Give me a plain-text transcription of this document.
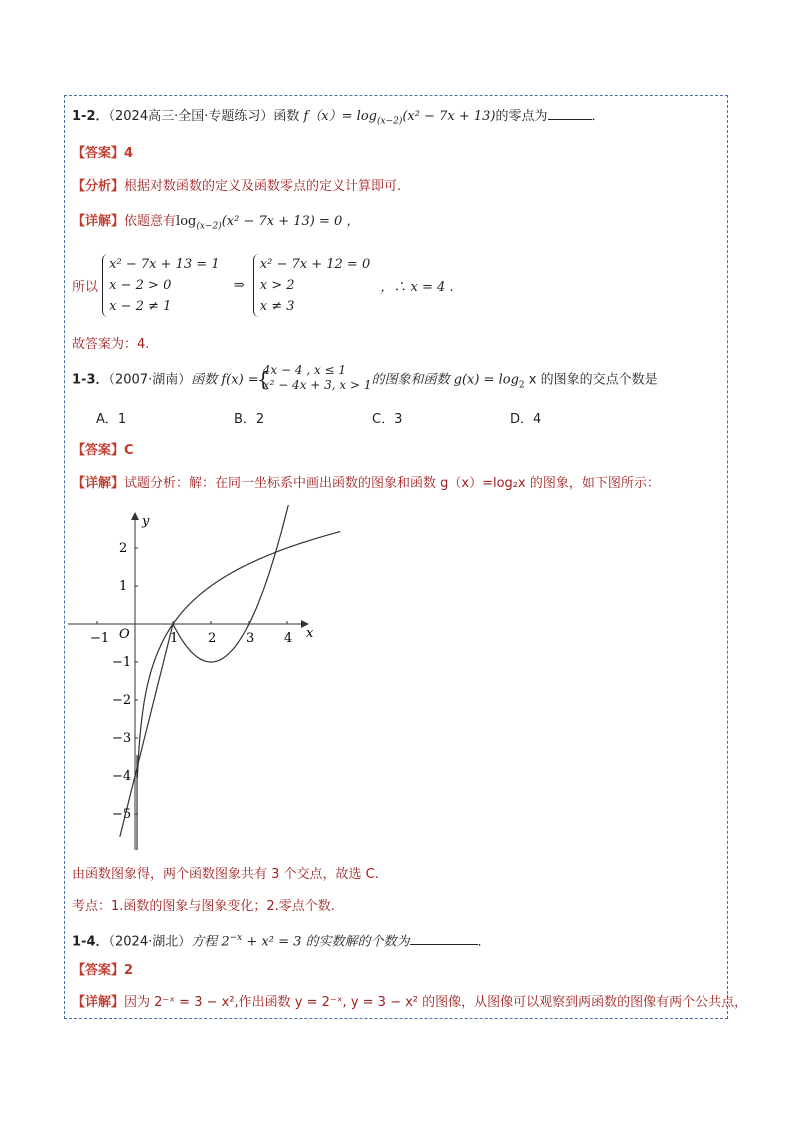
1-2．（2024高三·全国·专题练习）函数 $f(x)= \log_{(x-2)}(x^2 - 7x + 13)$的零点为	．
【答案】4
【分析】根据对数函数的定义及函数零点的定义计算即可.
【详解】依题意有$\log_{(x-2)}(x^2 - 7x + 13) = 0$ ，
所以
x² − 7x + 13 = 1
x − 2 > 0
x − 2 ≠ 1
⇒
x² − 7x + 12 = 0
x > 2
x ≠ 3
，∴ x = 4 .
故答案为：4.
1-3．（2007·湖南）函数 f(x) =
{
4x − 4 , x ≤ 1
x² − 4x + 3, x > 1 的图象和函数 $g(x) = \log_2 x$ 的图象的交点个数是
A．1	B．2	C．3	D．4
【答案】C
【详解】试题分析：解：在同一坐标系中画出函数的图象和函数 g（x）=log₂x 的图象，如下图所示：
x
y
O
−1	1 2 3 4
2
1
−1
−2
−3
−4
−5
由函数图象得，两个函数图象共有 3 个交点，故选 C.
考点：1.函数的图象与图象变化；2.零点个数.
1-4．（2024·湖北）方程 $2^{-x} + x^2 = 3$ 的实数解的个数为	．
【答案】2
【详解】因为 2⁻ˣ = 3 − x²,作出函数 y = 2⁻ˣ, y = 3 − x² 的图像，从图像可以观察到两函数的图像有两个公共点，
